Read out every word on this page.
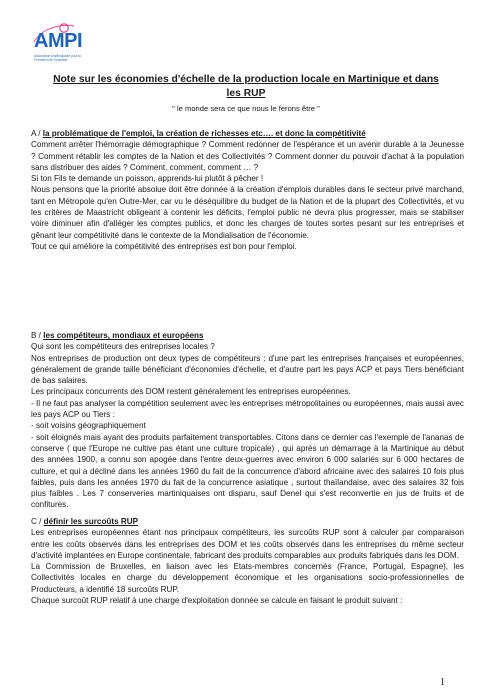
AMPI
Association Martiniquaise pour la Promotion de l'Industrie
Note sur les économies d'échelle de la production locale en Martinique et dans les RUP
" le monde sera ce que nous le ferons être "

A / la problématique de l'emploi, la création de richesses etc…. et donc la compétitivité

Comment arrêter l'hémorragie démographique ? Comment redonner de l'espérance et un avenir durable à la Jeunesse ? Comment rétablir les comptes de la Nation et des Collectivités ? Comment donner du pouvoir d'achat à la population sans distribuer des aides ? Comment, comment, comment … ?

Si ton Fils te demande un poisson, apprends-lui plutôt à pêcher !

Nous pensons que la priorité absolue doit être donnée à la création d'emplois durables dans le secteur privé marchand, tant en Métropole qu'en Outre-Mer, car vu le déséquilibre du budget de la Nation et de la plupart des Collectivités, et vu les critères de Maastricht obligeant à contenir les déficits, l'emploi public ne devra plus progresser, mais se stabiliser voire diminuer afin d'alléger les comptes publics, et donc les charges de toutes sortes pesant sur les entreprises et gênant leur compétitivité dans le contexte de la Mondialisation de l'économie.

Tout ce qui améliore la compétitivité des entreprises est bon pour l'emploi.

B / les compétiteurs, mondiaux et européens

Qui sont les compétiteurs des entreprises locales ?

Nos entreprises de production ont deux types de compétiteurs : d'une part les entreprises françaises et européennes, généralement de grande taille bénéficiant d'économies d'échelle, et d'autre part les pays ACP et pays Tiers bénéficiant de bas salaires.

Les principaux concurrents des DOM restent généralement les entreprises européennes.

- Il ne faut pas analyser la compétition seulement avec les entreprises métropolitaines ou européennes, mais aussi avec les pays ACP ou Tiers :

- soit voisins géographiquement

- soit éloignés mais ayant des produits parfaitement transportables. Citons dans ce dernier cas l'exemple de l'ananas de conserve ( que l'Europe ne cultive pas étant une culture tropicale) , qui après un démarrage à la Martinique au début des années 1900, a connu son apogée dans l'entre deux-guerres avec environ 6 000 salariés sur 6 000 hectares de culture, et qui a décliné dans les années 1960 du fait de la concurrence d'abord africaine avec des salaires 10 fois plus faibles, puis dans les années 1970 du fait de la concurrence asiatique , surtout thaïlandaise, avec des salaires 32 fois plus faibles . Les 7 conserveries martiniquaises ont disparu, sauf Denel qui s'est reconvertie en jus de fruits et de confitures.

C / définir les surcoûts RUP

Les entreprises européennes étant nos principaux compétiteurs, les surcoûts RUP sont à calculer par comparaison entre les coûts observés dans les entreprises des DOM et les coûts observés dans les entreprises du même secteur d'activité implantées en Europe continentale, fabricant des produits comparables aux produits fabriqués dans les DOM.

La Commission de Bruxelles, en liaison avec les Etats-membres concernés (France, Portugal, Espagne), les Collectivités locales en charge du développement économique et les organisations socio-professionnelles de Producteurs, a identifié 18 surcoûts RUP.

Chaque surcoût RUP relatif à une charge d'exploitation donnée se calcule en faisant le produit suivant :

1
